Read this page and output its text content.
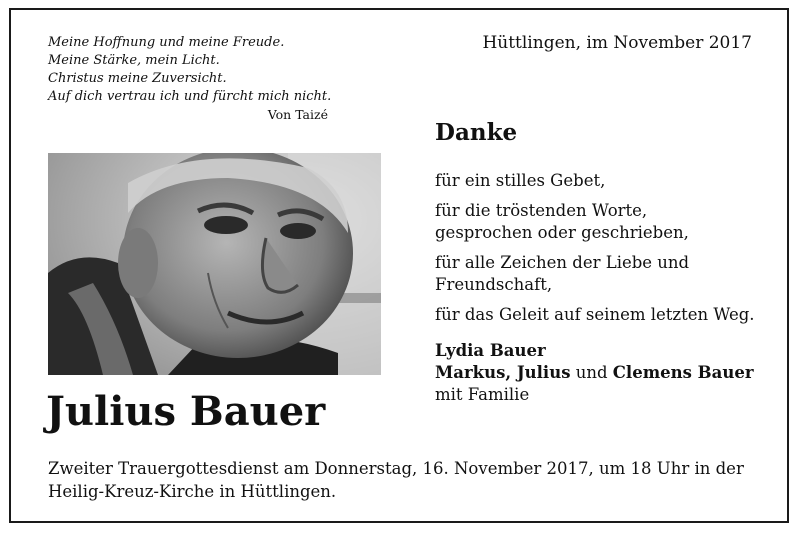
Meine Hoffnung und meine Freude.
Meine Stärke, mein Licht.
Christus meine Zuversicht.
Auf dich vertrau ich und fürcht mich nicht.
Von Taizé
Hüttlingen, im November 2017
Julius Bauer
Danke

für ein stilles Gebet,

für die tröstenden Worte,
gesprochen oder geschrieben,

für alle Zeichen der Liebe und
Freundschaft,

für das Geleit auf seinem letzten Weg.

Lydia Bauer
Markus, Julius und Clemens Bauer
mit Familie
Zweiter Trauergottesdienst am Donnerstag, 16. November 2017, um 18 Uhr in der Heilig-Kreuz-Kirche in Hüttlingen.
